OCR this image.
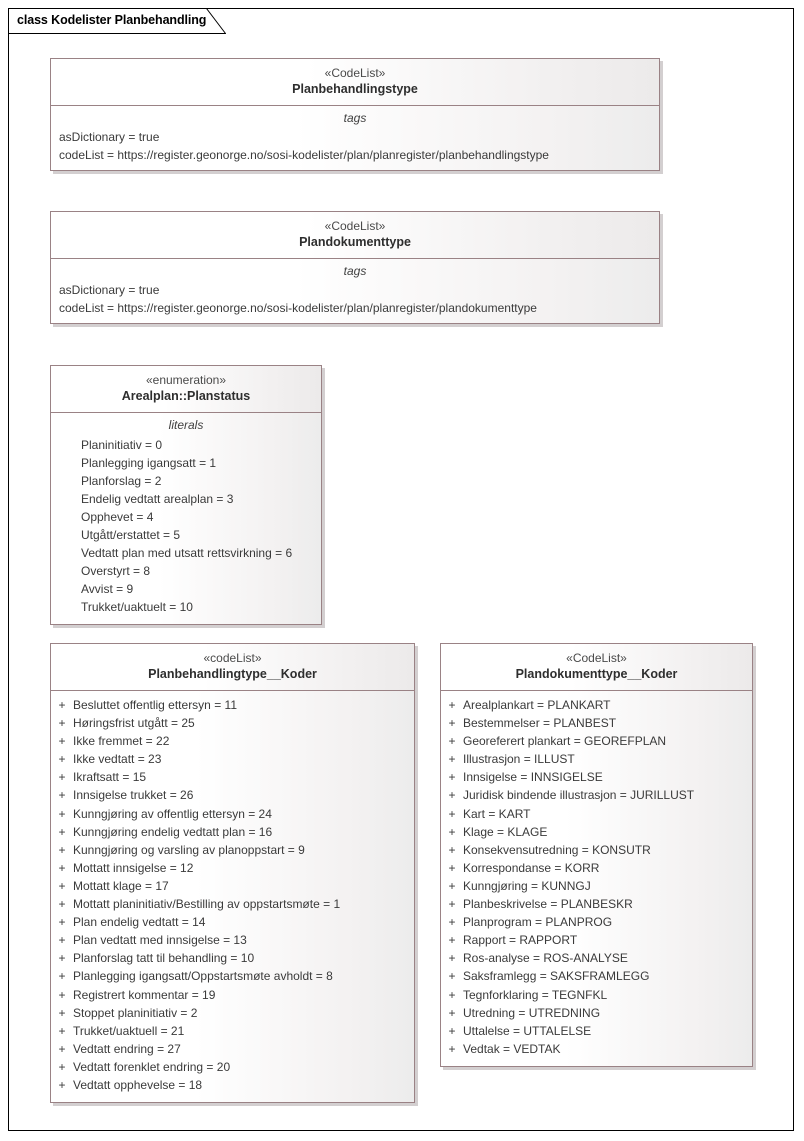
class Kodelister Planbehandling
«CodeList»
Planbehandlingstype
tags
asDictionary = true
codeList = https://register.geonorge.no/sosi-kodelister/plan/planregister/planbehandlingstype
«CodeList»
Plandokumenttype
tags
asDictionary = true
codeList = https://register.geonorge.no/sosi-kodelister/plan/planregister/plandokumenttype
«enumeration»
Arealplan::Planstatus
literals
Planinitiativ = 0
Planlegging igangsatt = 1
Planforslag = 2
Endelig vedtatt arealplan = 3
Opphevet = 4
Utgått/erstattet = 5
Vedtatt plan med utsatt rettsvirkning = 6
Overstyrt = 8
Avvist = 9
Trukket/uaktuelt = 10
«codeList»
Planbehandlingtype__Koder
+ Besluttet offentlig ettersyn = 11
+ Høringsfrist utgått = 25
+ Ikke fremmet = 22
+ Ikke vedtatt = 23
+ Ikraftsatt = 15
+ Innsigelse trukket = 26
+ Kunngjøring av offentlig ettersyn = 24
+ Kunngjøring endelig vedtatt plan = 16
+ Kunngjøring og varsling av planoppstart = 9
+ Mottatt innsigelse = 12
+ Mottatt klage = 17
+ Mottatt planinitiativ/Bestilling av oppstartsmøte = 1
+ Plan endelig vedtatt = 14
+ Plan vedtatt med innsigelse = 13
+ Planforslag tatt til behandling = 10
+ Planlegging igangsatt/Oppstartsmøte avholdt = 8
+ Registrert kommentar = 19
+ Stoppet planinitiativ = 2
+ Trukket/uaktuell = 21
+ Vedtatt endring = 27
+ Vedtatt forenklet endring = 20
+ Vedtatt opphevelse = 18
«CodeList»
Plandokumenttype__Koder
+ Arealplankart = PLANKART
+ Bestemmelser = PLANBEST
+ Georeferert plankart = GEOREFPLAN
+ Illustrasjon = ILLUST
+ Innsigelse = INNSIGELSE
+ Juridisk bindende illustrasjon = JURILLUST
+ Kart = KART
+ Klage = KLAGE
+ Konsekvensutredning = KONSUTR
+ Korrespondanse = KORR
+ Kunngjøring = KUNNGJ
+ Planbeskrivelse = PLANBESKR
+ Planprogram = PLANPROG
+ Rapport = RAPPORT
+ Ros-analyse = ROS-ANALYSE
+ Saksframlegg = SAKSFRAMLEGG
+ Tegnforklaring = TEGNFKL
+ Utredning = UTREDNING
+ Uttalelse = UTTALELSE
+ Vedtak = VEDTAK
